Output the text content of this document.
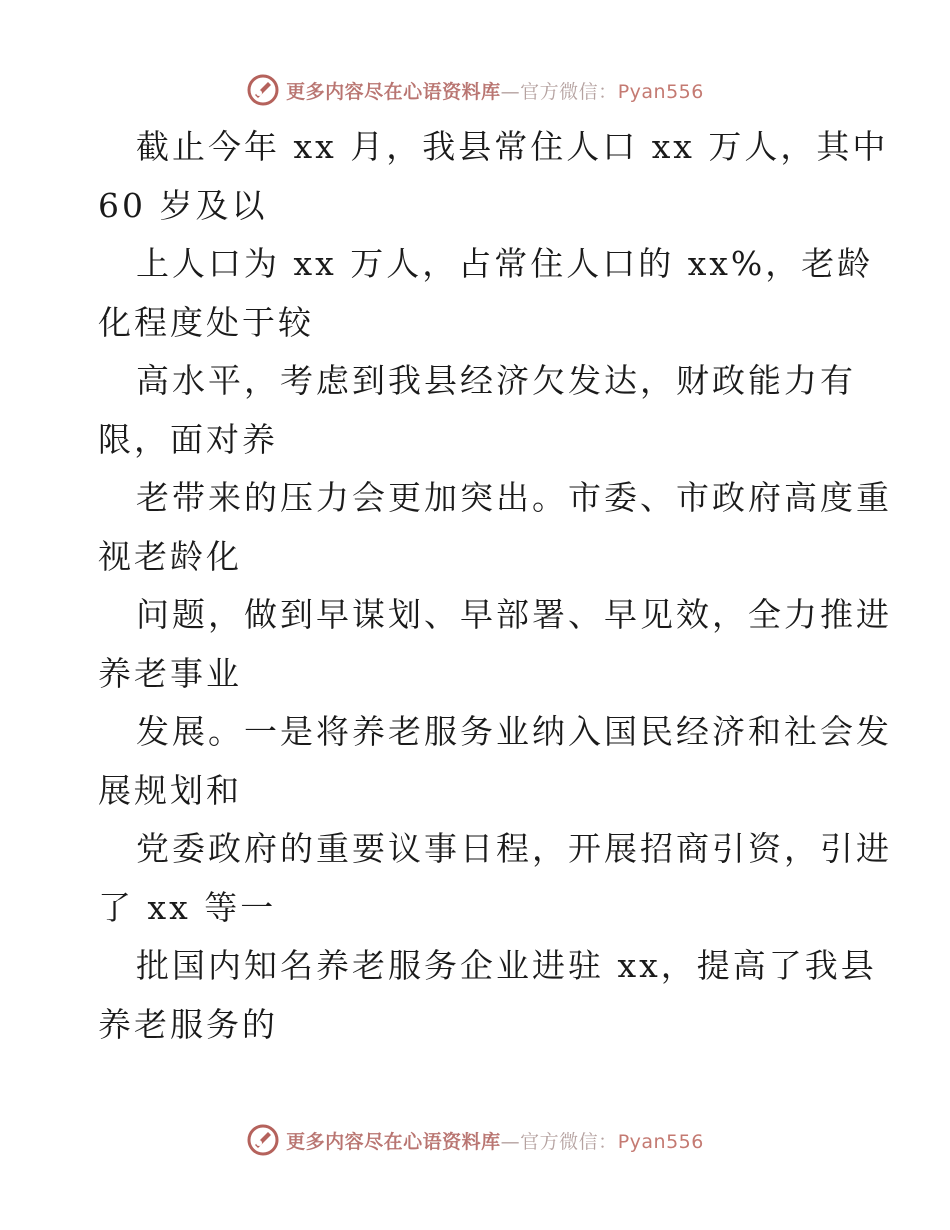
更多内容尽在心语资料库—官方微信：Pyan556

截止今年 xx 月，我县常住人口 xx 万人，其中

60 岁及以

上人口为 xx 万人，占常住人口的 xx%，老龄

化程度处于较

高水平，考虑到我县经济欠发达，财政能力有

限，面对养

老带来的压力会更加突出。市委、市政府高度重

视老龄化

问题，做到早谋划、早部署、早见效，全力推进

养老事业

发展。一是将养老服务业纳入国民经济和社会发

展规划和

党委政府的重要议事日程，开展招商引资，引进

了 xx 等一

批国内知名养老服务企业进驻 xx，提高了我县

养老服务的

更多内容尽在心语资料库—官方微信：Pyan556
